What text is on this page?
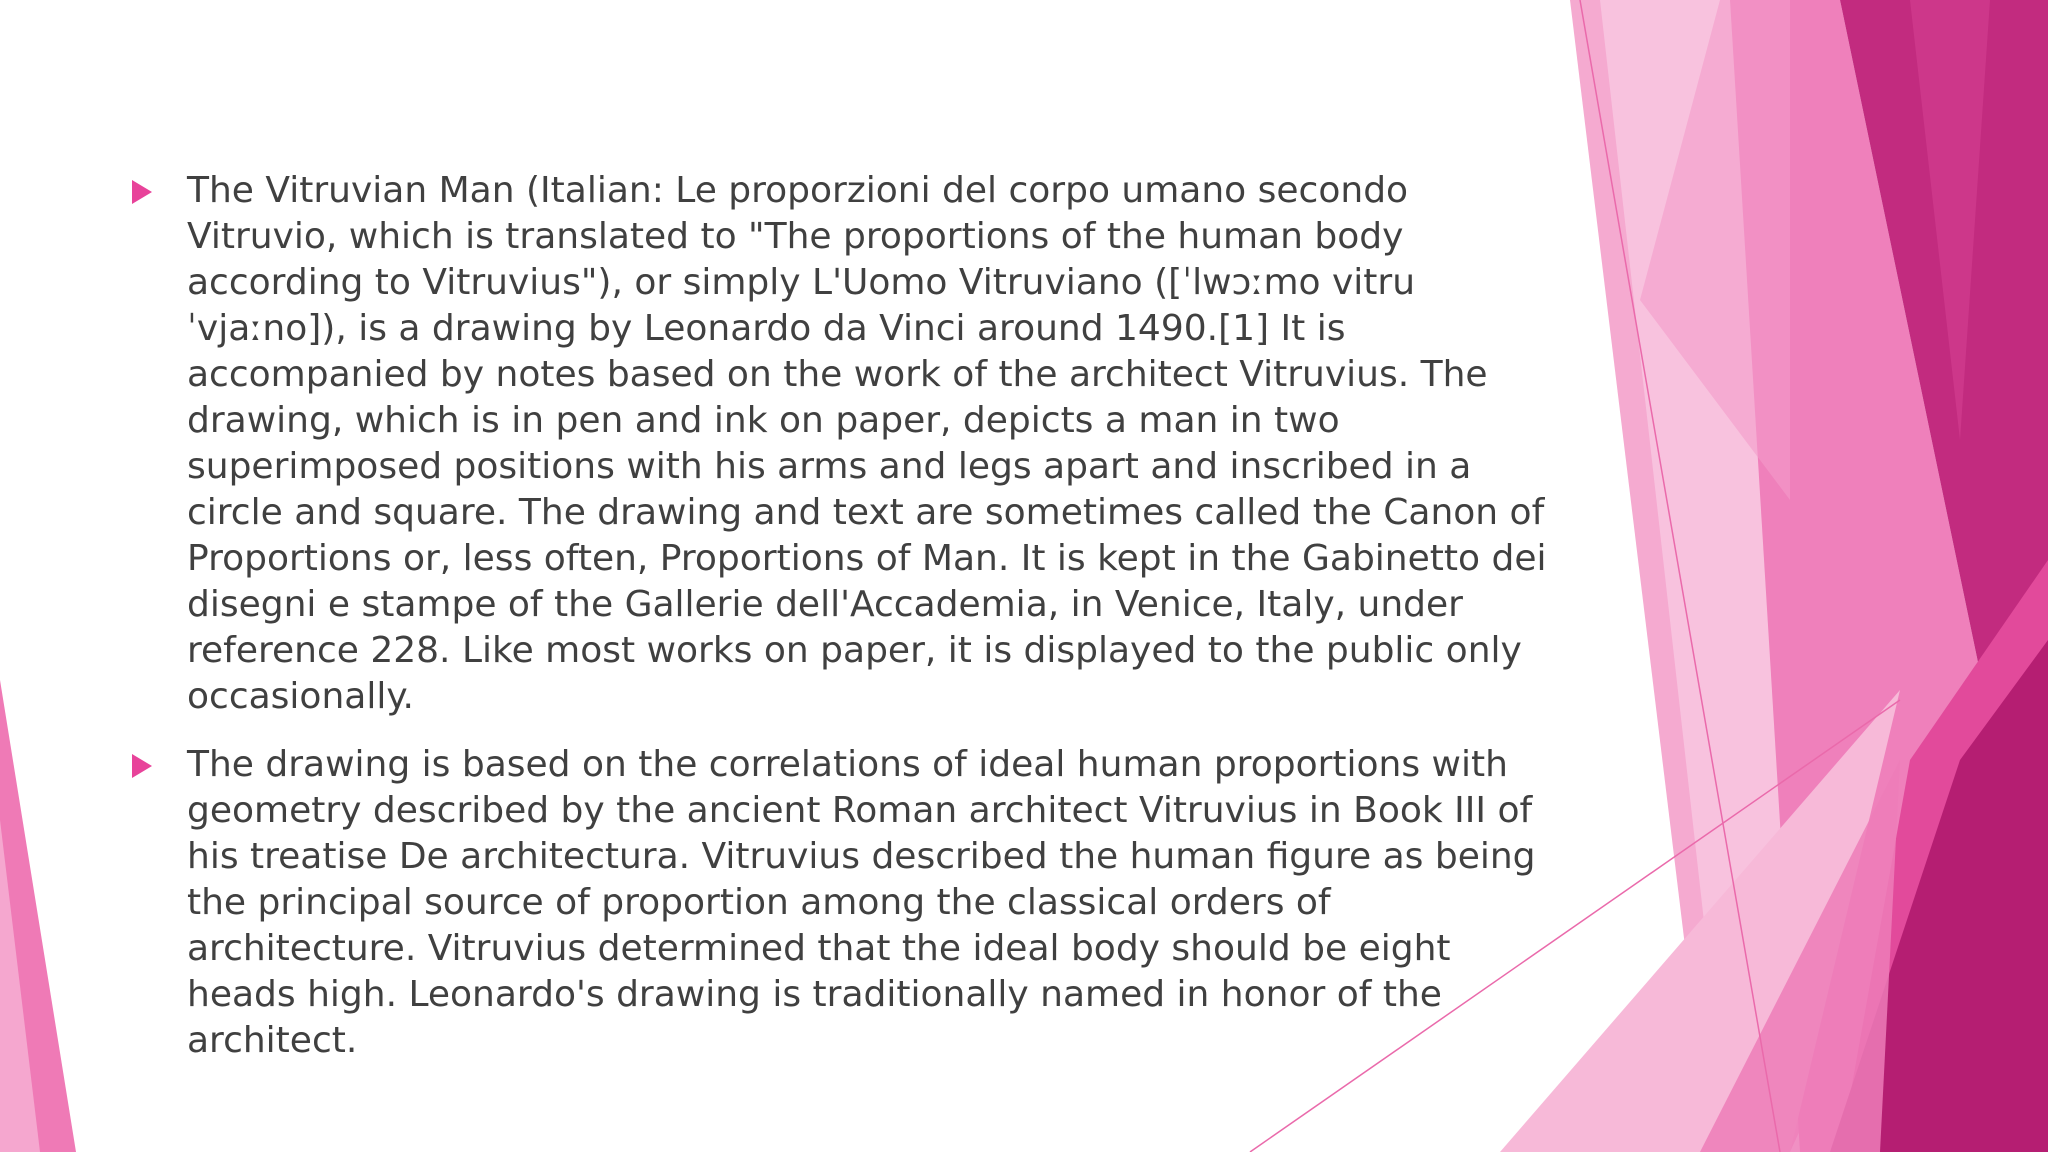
The Vitruvian Man (Italian: Le proporzioni del corpo umano secondo Vitruvio, which is translated to "The proportions of the human body according to Vitruvius"), or simply L'Uomo Vitruviano ([ˈlwɔːmo vitruˈvjaːno]), is a drawing by Leonardo da Vinci around 1490.[1] It is accompanied by notes based on the work of the architect Vitruvius. The drawing, which is in pen and ink on paper, depicts a man in two superimposed positions with his arms and legs apart and inscribed in a circle and square. The drawing and text are sometimes called the Canon of Proportions or, less often, Proportions of Man. It is kept in the Gabinetto dei disegni e stampe of the Gallerie dell'Accademia, in Venice, Italy, under reference 228. Like most works on paper, it is displayed to the public only occasionally.
The drawing is based on the correlations of ideal human proportions with geometry described by the ancient Roman architect Vitruvius in Book III of his treatise De architectura. Vitruvius described the human figure as being the principal source of proportion among the classical orders of architecture. Vitruvius determined that the ideal body should be eight heads high. Leonardo's drawing is traditionally named in honor of the architect.
